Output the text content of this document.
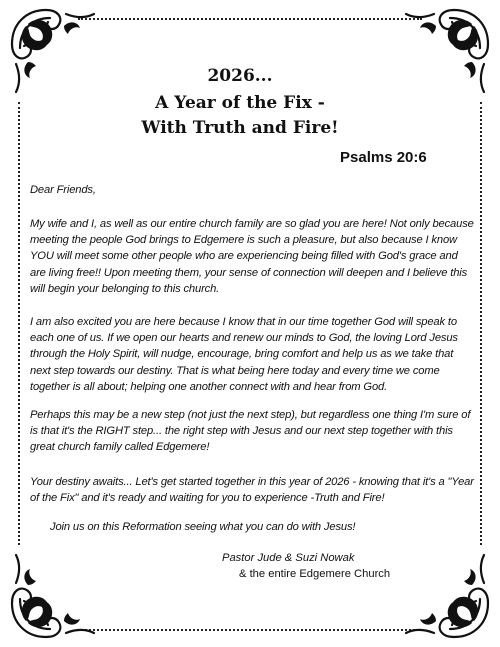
2026...
A Year of the Fix -
With Truth and Fire!
Psalms 20:6
Dear Friends,
My wife and I, as well as our entire church family are so glad you are here! Not only because meeting the people God brings to Edgemere is such a pleasure, but also because I know YOU will meet some other people who are experiencing being filled with God's grace and are living free!! Upon meeting them, your sense of connection will deepen and I believe this will begin your belonging to this church.
I am also excited you are here because I know that in our time together God will speak to each one of us. If we open our hearts and renew our minds to God, the loving Lord Jesus through the Holy Spirit, will nudge, encourage, bring comfort and help us as we take that next step towards our destiny. That is what being here today and every time we come together is all about; helping one another connect with and hear from God.
Perhaps this may be a new step (not just the next step), but regardless one thing I'm sure of is that it's the RIGHT step... the right step with Jesus and our next step together with this great church family called Edgemere!
Your destiny awaits... Let's get started together in this year of 2026 - knowing that it's a "Year of the Fix" and it's ready and waiting for you to experience -Truth and Fire!
Join us on this Reformation seeing what you can do with Jesus!
Pastor Jude & Suzi Nowak
& the entire Edgemere Church
